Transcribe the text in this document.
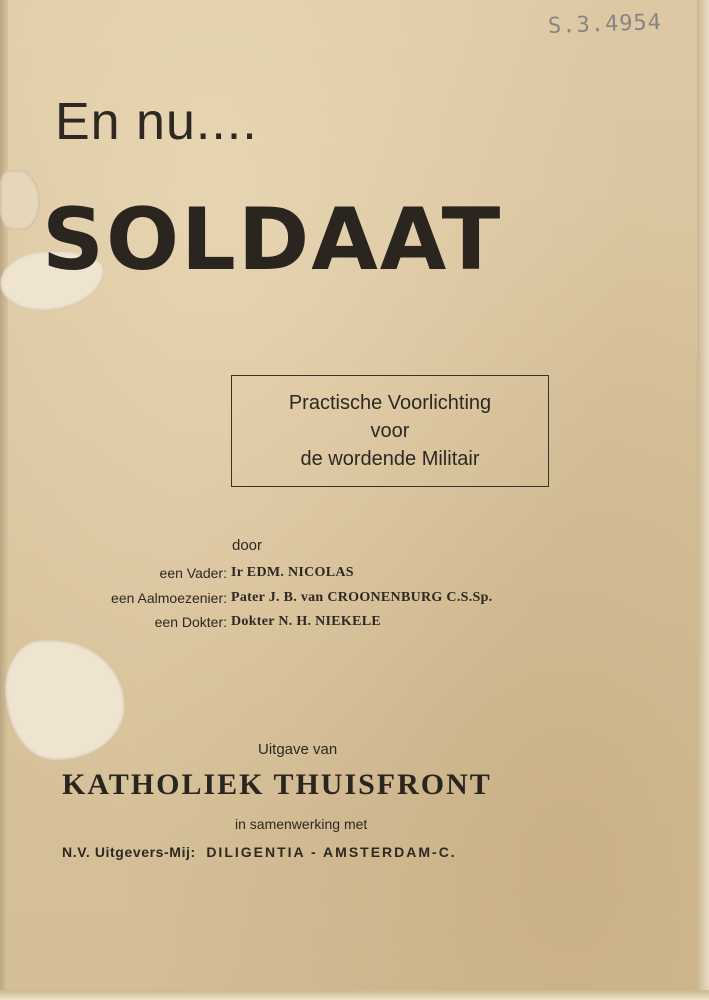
S.3.4954
En nu....
SOLDAAT
Practische Voorlichting
voor
de wordende Militair
door
een Vader: Ir EDM. NICOLAS
een Aalmoezenier: Pater J. B. van CROONENBURG C.S.Sp.
een Dokter: Dokter N. H. NIEKELE
Uitgave van
KATHOLIEK THUISFRONT
in samenwerking met
N.V. Uitgevers-Mij: DILIGENTIA - AMSTERDAM-C.
